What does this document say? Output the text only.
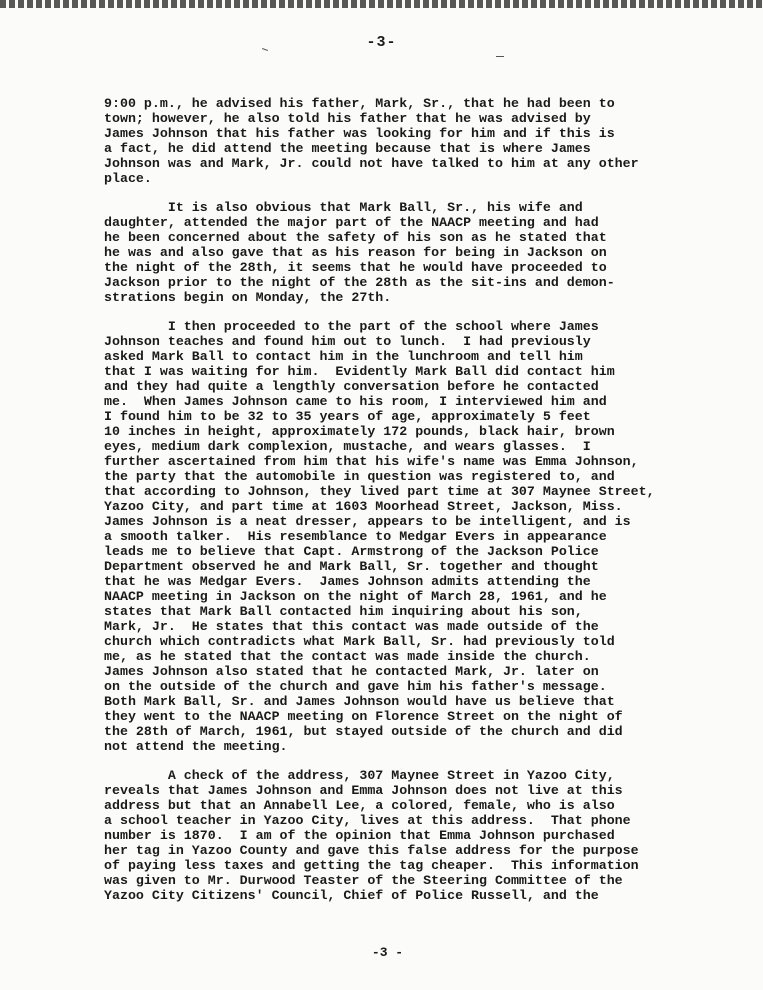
-3-
9:00 p.m., he advised his father, Mark, Sr., that he had been to
town; however, he also told his father that he was advised by
James Johnson that his father was looking for him and if this is
a fact, he did attend the meeting because that is where James
Johnson was and Mark, Jr. could not have talked to him at any other
place.
It is also obvious that Mark Ball, Sr., his wife and
daughter, attended the major part of the NAACP meeting and had
he been concerned about the safety of his son as he stated that
he was and also gave that as his reason for being in Jackson on
the night of the 28th, it seems that he would have proceeded to
Jackson prior to the night of the 28th as the sit-ins and demon-
strations begin on Monday, the 27th.
I then proceeded to the part of the school where James
Johnson teaches and found him out to lunch.  I had previously
asked Mark Ball to contact him in the lunchroom and tell him
that I was waiting for him.  Evidently Mark Ball did contact him
and they had quite a lengthly conversation before he contacted
me.  When James Johnson came to his room, I interviewed him and
I found him to be 32 to 35 years of age, approximately 5 feet
10 inches in height, approximately 172 pounds, black hair, brown
eyes, medium dark complexion, mustache, and wears glasses.  I
further ascertained from him that his wife's name was Emma Johnson,
the party that the automobile in question was registered to, and
that according to Johnson, they lived part time at 307 Maynee Street,
Yazoo City, and part time at 1603 Moorhead Street, Jackson, Miss.
James Johnson is a neat dresser, appears to be intelligent, and is
a smooth talker.  His resemblance to Medgar Evers in appearance
leads me to believe that Capt. Armstrong of the Jackson Police
Department observed he and Mark Ball, Sr. together and thought
that he was Medgar Evers.  James Johnson admits attending the
NAACP meeting in Jackson on the night of March 28, 1961, and he
states that Mark Ball contacted him inquiring about his son,
Mark, Jr.  He states that this contact was made outside of the
church which contradicts what Mark Ball, Sr. had previously told
me, as he stated that the contact was made inside the church.
James Johnson also stated that he contacted Mark, Jr. later on
on the outside of the church and gave him his father's message.
Both Mark Ball, Sr. and James Johnson would have us believe that
they went to the NAACP meeting on Florence Street on the night of
the 28th of March, 1961, but stayed outside of the church and did
not attend the meeting.
A check of the address, 307 Maynee Street in Yazoo City,
reveals that James Johnson and Emma Johnson does not live at this
address but that an Annabell Lee, a colored, female, who is also
a school teacher in Yazoo City, lives at this address.  That phone
number is 1870.  I am of the opinion that Emma Johnson purchased
her tag in Yazoo County and gave this false address for the purpose
of paying less taxes and getting the tag cheaper.  This information
was given to Mr. Durwood Teaster of the Steering Committee of the
Yazoo City Citizens' Council, Chief of Police Russell, and the
-3 -
